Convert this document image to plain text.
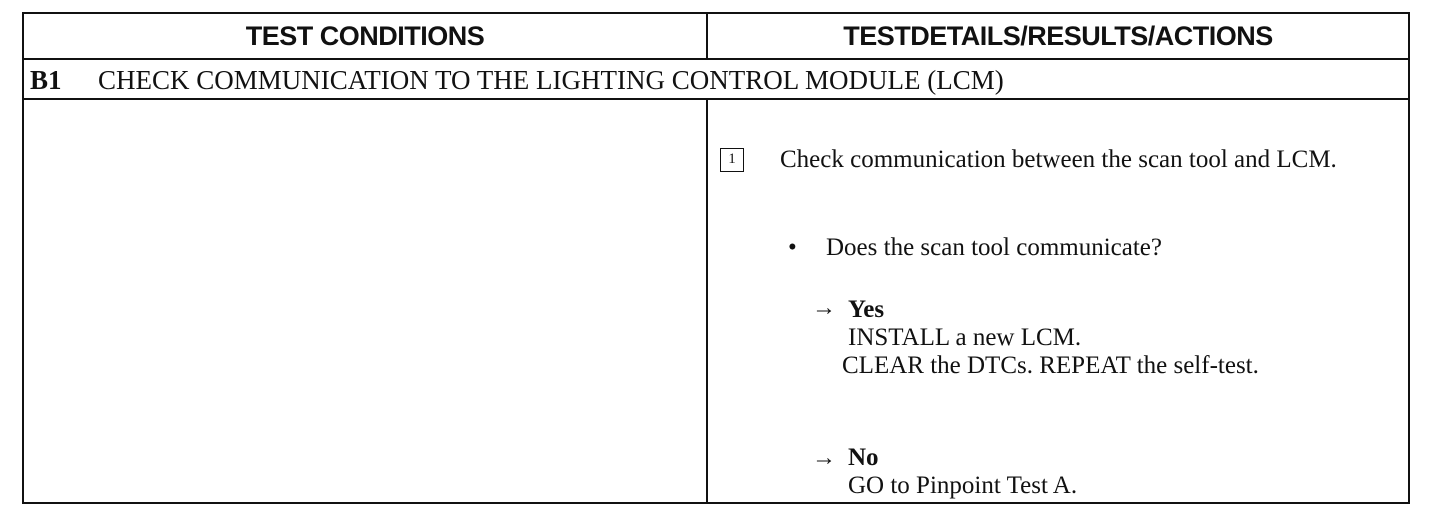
TEST CONDITIONS	TESTDETAILS/RESULTS/ACTIONS
B1 CHECK COMMUNICATION TO THE LIGHTING CONTROL MODULE (LCM)
1	Check communication between the scan tool and LCM.
• Does the scan tool communicate?
→ Yes
INSTALL a new LCM.
CLEAR the DTCs. REPEAT the self-test.
→ No
GO to Pinpoint Test A.
